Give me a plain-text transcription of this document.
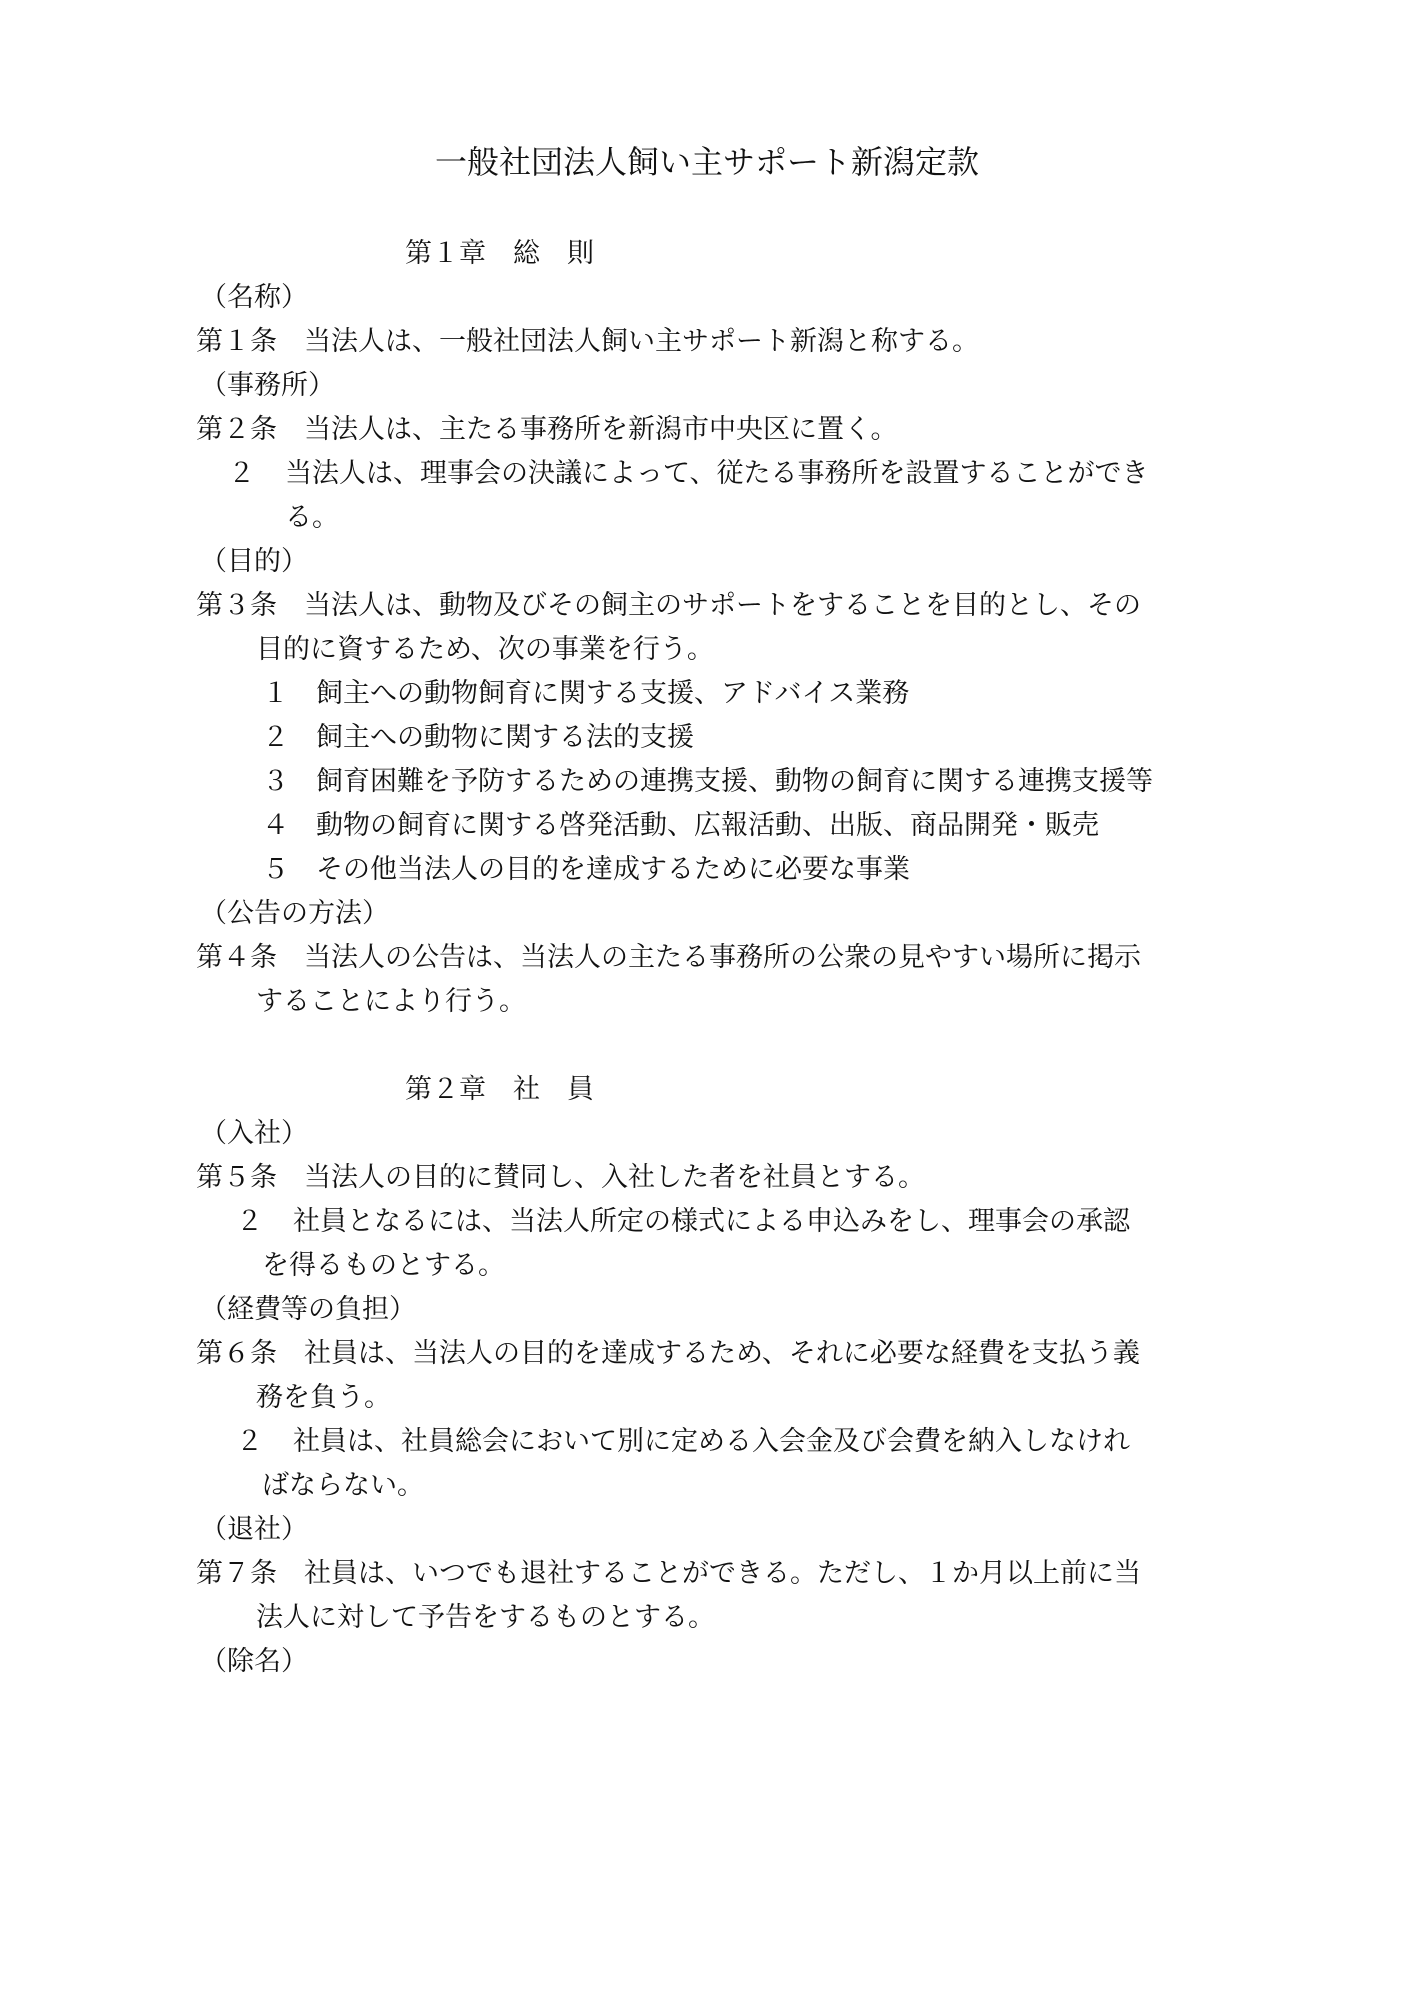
一般社団法人飼い主サポート新潟定款
第１章　 総　則
（名称）
第１条　 当法人は、一般社団法人飼い主サポート新潟と称する。
（事務所）
第２条　 当法人は、主たる事務所を新潟市中央区に置く。
２ 当法人は、理事会の決議によって、従たる事務所を設置することができ
る。
（目的）
第３条　 当法人は、動物及びその飼主のサポートをすることを目的とし、その
目的に資するため、次の事業を行う。
１ 飼主への動物飼育に関する支援、アドバイス業務
２ 飼主への動物に関する法的支援
３ 飼育困難を予防するための連携支援、動物の飼育に関する連携支援等
４ 動物の飼育に関する啓発活動、広報活動、出版、商品開発・販売
５ その他当法人の目的を達成するために必要な事業
（公告の方法）
第４条　 当法人の公告は、当法人の主たる事務所の公衆の見やすい場所に掲示
することにより行う。
第２章　 社　員
（入社）
第５条　 当法人の目的に賛同し、入社した者を社員とする。
２ 社員となるには、当法人所定の様式による申込みをし、理事会の承認
を得るものとする。
（経費等の負担）
第６条　 社員は、当法人の目的を達成するため、それに必要な経費を支払う義
務を負う。
２ 社員は、社員総会において別に定める入会金及び会費を納入しなけれ
ばならない。
（退社）
第７条　 社員は、いつでも退社することができる。ただし、１か月以上前に当
法人に対して予告をするものとする。
（除名）
